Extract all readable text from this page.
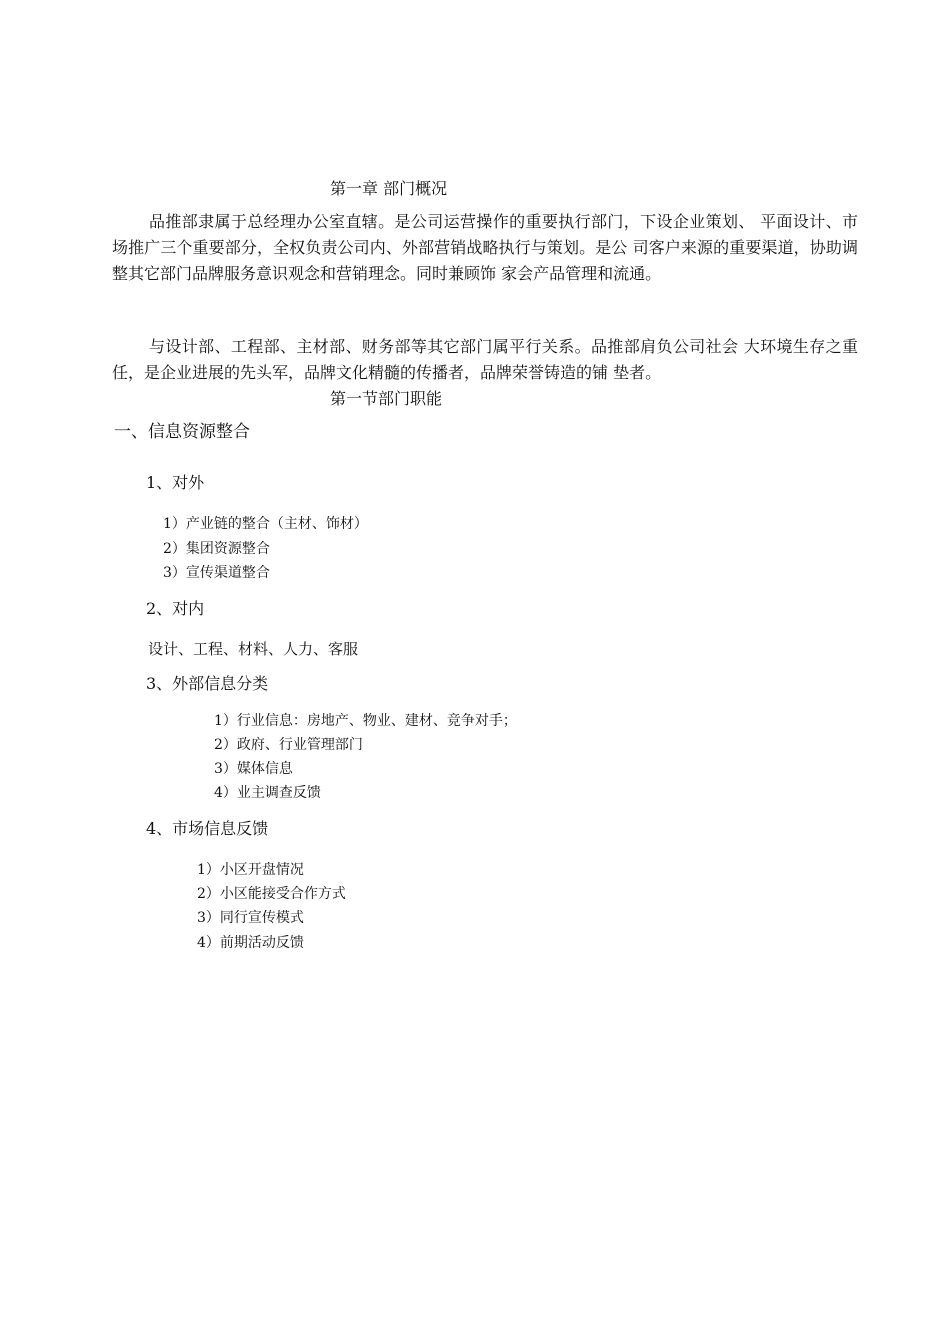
第一章 部门概况

品推部隶属于总经理办公室直辖。是公司运营操作的重要执行部门，下设企业策划、 平面设计、市场推广三个重要部分，全权负责公司内、外部营销战略执行与策划。是公 司客户来源的重要渠道，协助调整其它部门品牌服务意识观念和营销理念。同时兼顾饰 家会产品管理和流通。

与设计部、工程部、主材部、财务部等其它部门属平行关系。品推部肩负公司社会 大环境生存之重任，是企业进展的先头军，品牌文化精髓的传播者，品牌荣誉铸造的铺 垫者。

第一节部门职能
一、信息资源整合
1、对外
1）产业链的整合（主材、饰材）
2）集团资源整合
3）宣传渠道整合
2、对内
设计、工程、材料、人力、客服
3、外部信息分类
1）行业信息：房地产、物业、建材、竞争对手；
2）政府、行业管理部门
3）媒体信息
4）业主调查反馈
4、市场信息反馈
1）小区开盘情况
2）小区能接受合作方式
3）同行宣传模式
4）前期活动反馈
